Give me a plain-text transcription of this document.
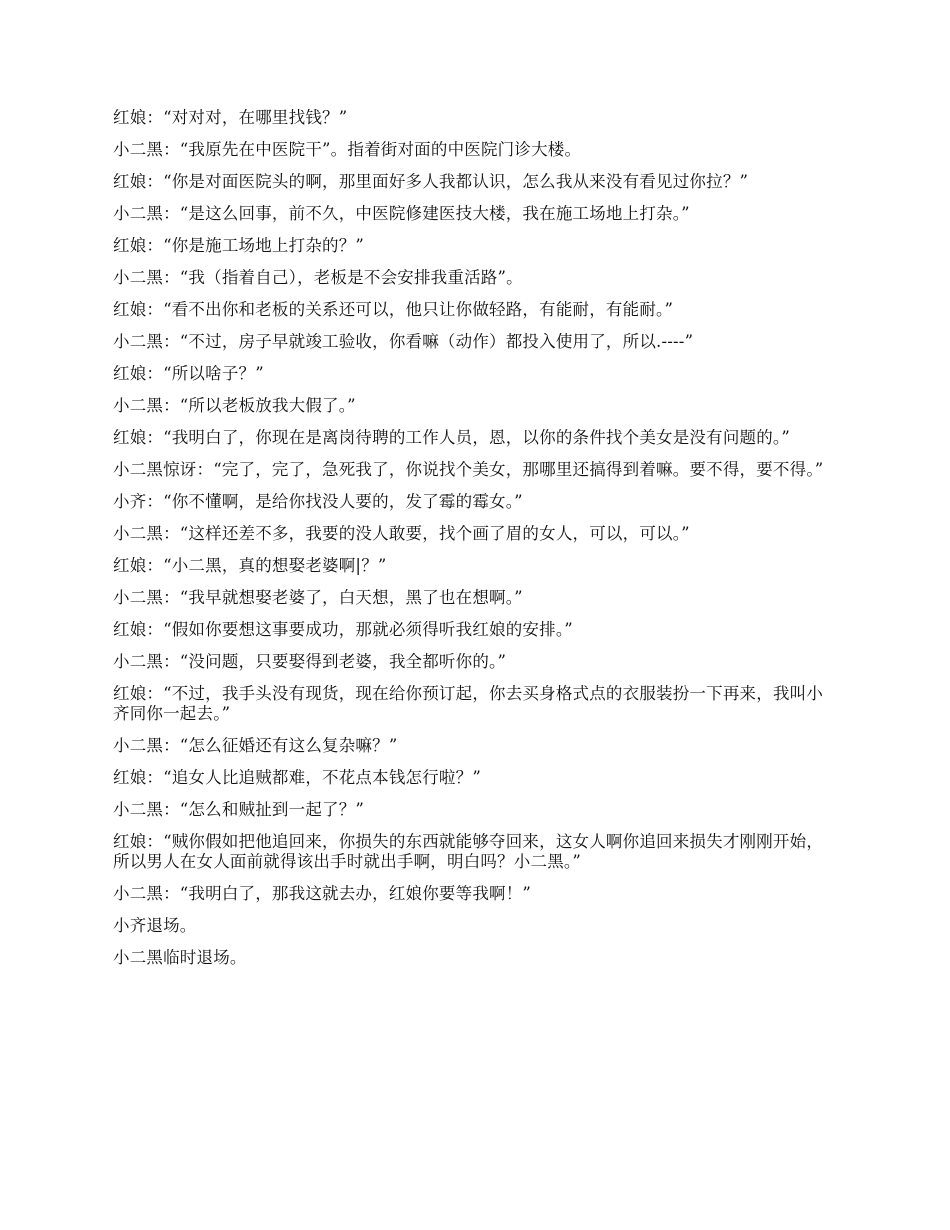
红娘：“对对对，在哪里找钱？”

小二黑：“我原先在中医院干”。指着街对面的中医院门诊大楼。

红娘：“你是对面医院头的啊，那里面好多人我都认识，怎么我从来没有看见过你拉？”

小二黑：“是这么回事，前不久，中医院修建医技大楼，我在施工场地上打杂。”

红娘：“你是施工场地上打杂的？”

小二黑：“我（指着自己），老板是不会安排我重活路”。

红娘：“看不出你和老板的关系还可以，他只让你做轻路，有能耐，有能耐。”

小二黑：“不过，房子早就竣工验收，你看嘛（动作）都投入使用了，所以.----”

红娘：“所以啥子？”

小二黑：“所以老板放我大假了。”

红娘：“我明白了，你现在是离岗待聘的工作人员，恩，以你的条件找个美女是没有问题的。”

小二黑惊讶：“完了，完了，急死我了，你说找个美女，那哪里还搞得到着嘛。要不得，要不得。”

小齐：“你不懂啊，是给你找没人要的，发了霉的霉女。”

小二黑：“这样还差不多，我要的没人敢要，找个画了眉的女人，可以，可以。”

红娘：“小二黑，真的想娶老婆啊|？”

小二黑：“我早就想娶老婆了，白天想，黑了也在想啊。”

红娘：“假如你要想这事要成功，那就必须得听我红娘的安排。”

小二黑：“没问题，只要娶得到老婆，我全都听你的。”

红娘：“不过，我手头没有现货，现在给你预订起，你去买身格式点的衣服装扮一下再来，我叫小齐同你一起去。”

小二黑：“怎么征婚还有这么复杂嘛？”

红娘：“追女人比追贼都难，不花点本钱怎行啦？”

小二黑：“怎么和贼扯到一起了？”

红娘：“贼你假如把他追回来，你损失的东西就能够夺回来，这女人啊你追回来损失才刚刚开始，所以男人在女人面前就得该出手时就出手啊，明白吗？小二黑。”

小二黑：“我明白了，那我这就去办，红娘你要等我啊！”

小齐退场。

小二黑临时退场。
